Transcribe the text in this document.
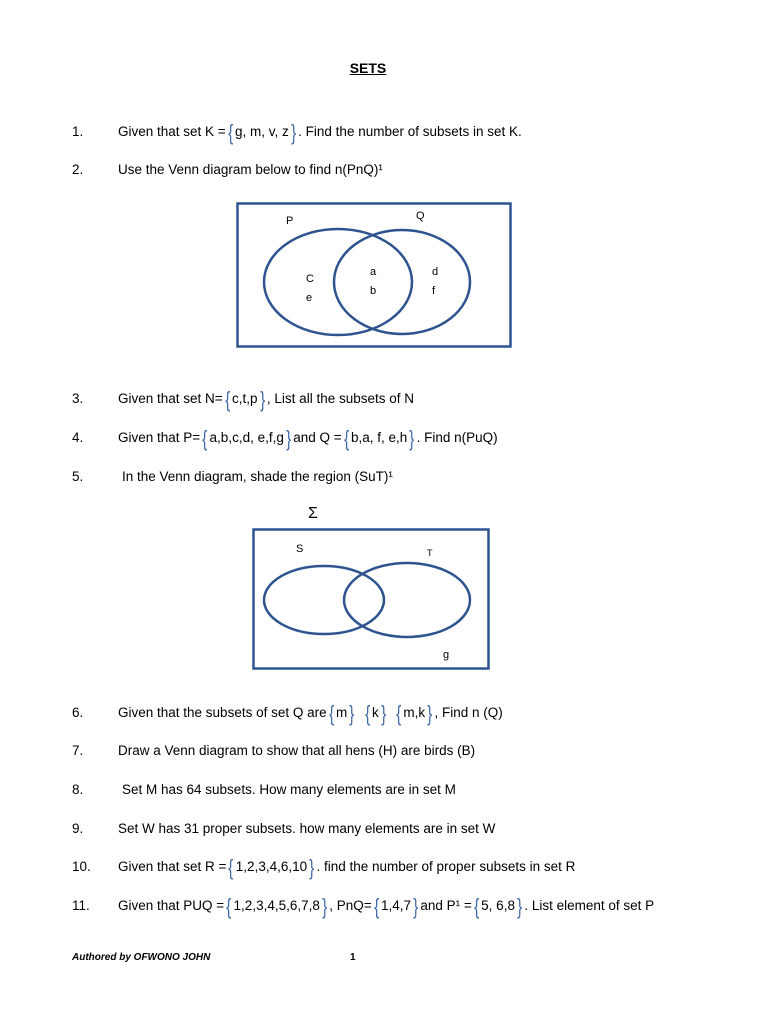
SETS
1.	Given that set K = { g, m, v, z } . Find the number of subsets in set K.
2.	Use the Venn diagram below to find n(PnQ)¹
P	Q
C
e
a
b
d
f
3.	Given that set N= { c,t,p } , List all the subsets of N
4.	Given that P= { a,b,c,d, e,f,g } and Q = { b,a, f, e,h } . Find n(PuQ)
5.	In the Venn diagram, shade the region (SuT)¹
Σ
S	T
g
6.	Given that the subsets of set Q are { m } { k } { m,k } , Find n (Q)
7.	Draw a Venn diagram to show that all hens (H) are birds (B)
8.	Set M has 64 subsets. How many elements are in set M
9.	Set W has 31 proper subsets. how many elements are in set W
10. Given that set R = { 1,2,3,4,6,10 } . find the number of proper subsets in set R
11. Given that PUQ = { 1,2,3,4,5,6,7,8 } , PnQ= { 1,4,7 } and P¹ = { 5, 6,8 } . List element of set P
Authored by OFWONO JOHN	1
